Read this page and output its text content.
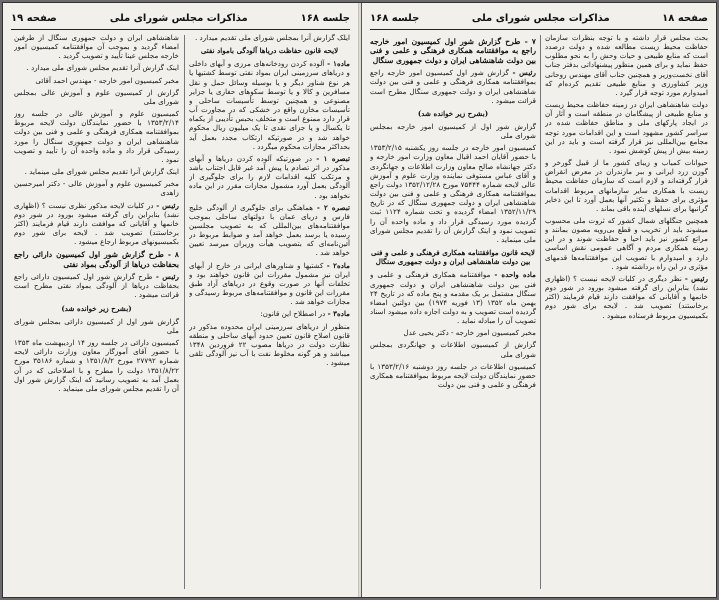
جلسه ۱۶۸
مذاکرات مجلس شورای ملی
صفحه ۱۹

ایلک گزارش آنرا بمجلس شورای ملی تقدیم میدارد .

لایحه قانون حفاظت دریاها آلودگی بامواد نفتی

ماده۱ - آلوده کردن رودخانه‌های مرزی و آبهای داخلی و دریاهای سرزمینی ایران بمواد نفتی توسط کشتیها یا هر نوع شناور دیگر و یا بوسیله وسائل حمل و نقل مسافرین و کالا و یا توسط سکوهای حفاری یا جزایر مصنوعی و همچنین توسط تأسیسات ساحلی و تأسیسات مخازن واقع در خشکی که در مجاورت آب قرار دارد ممنوع است و متخلف بحبس تأدیبی از یکماه تا یکسال و یا جزای نقدی تا یک میلیون ریال محکوم خواهد شد و در صورتیکه ارتکاب مجدد بعمل آید بحداکثر مجازات محکوم میگردد .

تبصره ۱ - در صورتیکه آلوده کردن دریاها و آبهای مذکور در اثر تصادم یا پیش آمد غیر قابل اجتناب باشد و مرتکب کلیه اقدامات لازم را برای جلوگیری از آلودگی بعمل آورد مشمول مجازات مقرر در این ماده نخواهد بود .

تبصره ۲ - هماهنگی برای جلوگیری از آلودگی خلیج فارس و دریای عمان با دولتهای ساحلی بموجب موافقتنامه‌های بین‌المللی که به تصویب مجلسین رسیده یا برسد بعمل خواهد آمد و ضوابط مربوط در آئین‌نامه‌ای که بتصویب هیأت وزیران میرسد تعیین خواهد شد .

ماده۲ - کشتیها و شناورهای ایرانی در خارج از آبهای ایران نیز مشمول مقررات این قانون خواهند بود و تخلفات آنها در صورت وقوع در دریاهای آزاد طبق مقررات این قانون و موافقتنامه‌های مربوط رسیدگی و مجازات خواهد شد .

ماده۳ - در اصطلاح این قانون:

منظور از دریاهای سرزمینی ایران محدوده مذکور در قانون اصلاح قانون تعیین حدود آبهای ساحلی و منطقه نظارت دولت در دریاها مصوب ۲۲ فروردین ۱۳۴۸ میباشد و هر گونه مخلوط نفت با آب نیز آلودگی تلقی میشود .

شاهنشاهی ایران و دولت جمهوری سنگال از طرفین امضاء گردید و بموجب آن موافقتنامه کمیسیون امور خارجه مجلس عینا تأیید و تصویب گردید .

اینک گزارش آنرا تقدیم مجلس شورای ملی میدارد .

مخبر کمیسیون امور خارجه - مهندس احمد آقائی

گزارش از کمیسیون علوم و آموزش عالی بمجلس شورای ملی

کمیسیون علوم و آموزش عالی در جلسه روز ۱۳۵۳/۲/۱۴ با حضور نمایندگان دولت لایحه مربوط بموافقتنامه همکاری فرهنگی و علمی و فنی بین دولت شاهنشاهی ایران و دولت جمهوری سنگال را مورد رسیدگی قرار داد و ماده واحده آن را تأیید و تصویب نمود .

اینک گزارش آنرا تقدیم مجلس شورای ملی مینماید .

مخبر کمیسیون علوم و آموزش عالی - دکتر امیرحسین زاهدی

رئیس - در کلیات لایحه مذکور نظری نیست ؟ (اظهاری نشد) بنابراین رای گرفته میشود بورود در شور دوم خانمها و آقایانی که موافقت دارند قیام فرمایند (اکثر برخاستند) تصویب شد . لایحه برای شور دوم بکمیسیونهای مربوط ارجاع میشود .

۸ - طرح گزارش شور اول کمیسیون دارائی راجع بحفاظت دریاها از آلودگی بمواد نفتی

رئیس - طرح گزارش شور اول کمیسیون دارائی راجع بحفاظت دریاها از آلودگی بمواد نفتی مطرح است قرائت میشود .

(بشرح زیر خوانده شد)

گزارش شور اول از کمیسیون دارائی بمجلس شورای ملی

کمیسیون دارائی در جلسه روز ۱۴ اردیبهشت ماه ۱۳۵۳ با حضور آقای آموزگار معاون وزارت دارائی لایحه شماره ۲۷۷۹۲ مورخ ۱۳۵۱/۸/۲ و شماره ۳۵۱۸۶ مورخ ۱۳۵۱/۸/۲۲ دولت را مطرح و با اصلاحاتی که در آن بعمل آمد به تصویب رسانید که اینک گزارش شور اول آن را تقدیم مجلس شورای ملی مینماید .

صفحه ۱۸
مذاکرات مجلس شورای ملی
جلسه ۱۶۸

بحث مجلس قرار داشته و با توجه بنظرات سازمان حفاظت محیط زیست مطالعه شده و دولت درصدد است که منابع طبیعی و حیات وحش را به نحو مطلوب حفظ نماید و برای همین منظور پیشنهاداتی بدفتر جناب آقای نخست‌وزیر و همچنین جناب آقای مهندس روحانی وزیر کشاورزی و منابع طبیعی تقدیم کرده‌ام که امیدوارم مورد توجه قرار گیرد .

دولت شاهنشاهی ایران در زمینه حفاظت محیط زیست و منابع طبیعی از پیشگامان در منطقه است و آثار آن در ایجاد پارکهای ملی و مناطق حفاظت شده در سراسر کشور مشهود است و این اقدامات مورد توجه مجامع بین‌المللی نیز قرار گرفته است و باید در این زمینه بیش از پیش کوشش نمود .

حیوانات کمیاب و زیبای کشور ما از قبیل گورخر و گوزن زرد ایرانی و ببر مازندران در معرض انقراض قرار گرفته‌اند و لازم است که سازمان حفاظت محیط زیست با همکاری سایر سازمانهای مربوط اقدامات مؤثری برای حفظ و تکثیر آنها بعمل آورد تا این ذخایر گرانبها برای نسلهای آینده باقی بماند .

همچنین جنگلهای شمال کشور که ثروت ملی محسوب میشوند باید از تخریب و قطع بی‌رویه مصون بمانند و مراتع کشور نیز باید احیا و حفاظت شوند و در این زمینه همکاری مردم و آگاهی عمومی نقش اساسی دارد و امیدوارم با تصویب این موافقتنامه‌ها قدمهای مؤثری در این راه برداشته شود .

رئیس - نظر دیگری در کلیات لایحه نیست ؟ (اظهاری نشد) بنابراین رای گرفته میشود بورود در شور دوم خانمها و آقایانی که موافقت دارند قیام فرمایند (اکثر برخاستند) تصویب شد . لایحه برای شور دوم بکمیسیون مربوط فرستاده میشود .

۷ - طرح گزارش شور اول کمیسیون امور خارجه راجع به موافقتنامه همکاری فرهنگی و علمی و فنی بین دولت شاهنشاهی ایران و دولت جمهوری سنگال

رئیس - گزارش شور اول کمیسیون امور خارجه راجع بموافقتنامه همکاری فرهنگی و علمی و فنی بین دولت شاهنشاهی ایران و دولت جمهوری سنگال مطرح است قرائت میشود .

(بشرح زیر خوانده شد)

گزارش شور اول از کمیسیون امور خارجه بمجلس شورای ملی

کمیسیون امور خارجه در جلسه روز یکشنبه ۱۳۵۳/۲/۱۵ با حضور آقایان احمد اقبال معاون وزارت امور خارجه و دکتر جهانشاه صالح معاون وزارت اطلاعات و جهانگردی و آقای عباس مستوفی نماینده وزارت علوم و آموزش عالی لایحه شماره ۷۵۴۴۴ مورخ ۱۳۵۲/۱۲/۲۸ دولت راجع بموافقتنامه همکاری فرهنگی و علمی و فنی بین دولت شاهنشاهی ایران و دولت جمهوری سنگال که در تاریخ ۱۳۵۲/۱۱/۲۹ امضاء گردیده و تحت شماره ۱۱۲۴ ثبت گردیده مورد رسیدگی قرار داد و ماده واحده آن را تصویب نمود و اینک گزارش آن را تقدیم مجلس شورای ملی مینماید .

لایحه قانون موافقتنامه همکاری فرهنگی و علمی و فنی بین دولت شاهنشاهی ایران و دولت جمهوری سنگال

ماده واحده - موافقتنامه همکاری فرهنگی و علمی و فنی بین دولت شاهنشاهی ایران و دولت جمهوری سنگال مشتمل بر یک مقدمه و پنج ماده که در تاریخ ۲۴ بهمن ماه ۱۳۵۲ (۱۳ فوریه ۱۹۷۴) بین دولتین امضاء گردیده است تصویب و به دولت اجازه داده میشود اسناد تصویب آن را مبادله نماید .

مخبر کمیسیون امور خارجه - دکتر یحیی عدل

گزارش از کمیسیون اطلاعات و جهانگردی بمجلس شورای ملی

کمیسیون اطلاعات در جلسه روز دوشنبه ۱۳۵۳/۲/۱۶ با حضور نمایندگان دولت لایحه مربوط بموافقتنامه همکاری فرهنگی و علمی و فنی بین دولت
